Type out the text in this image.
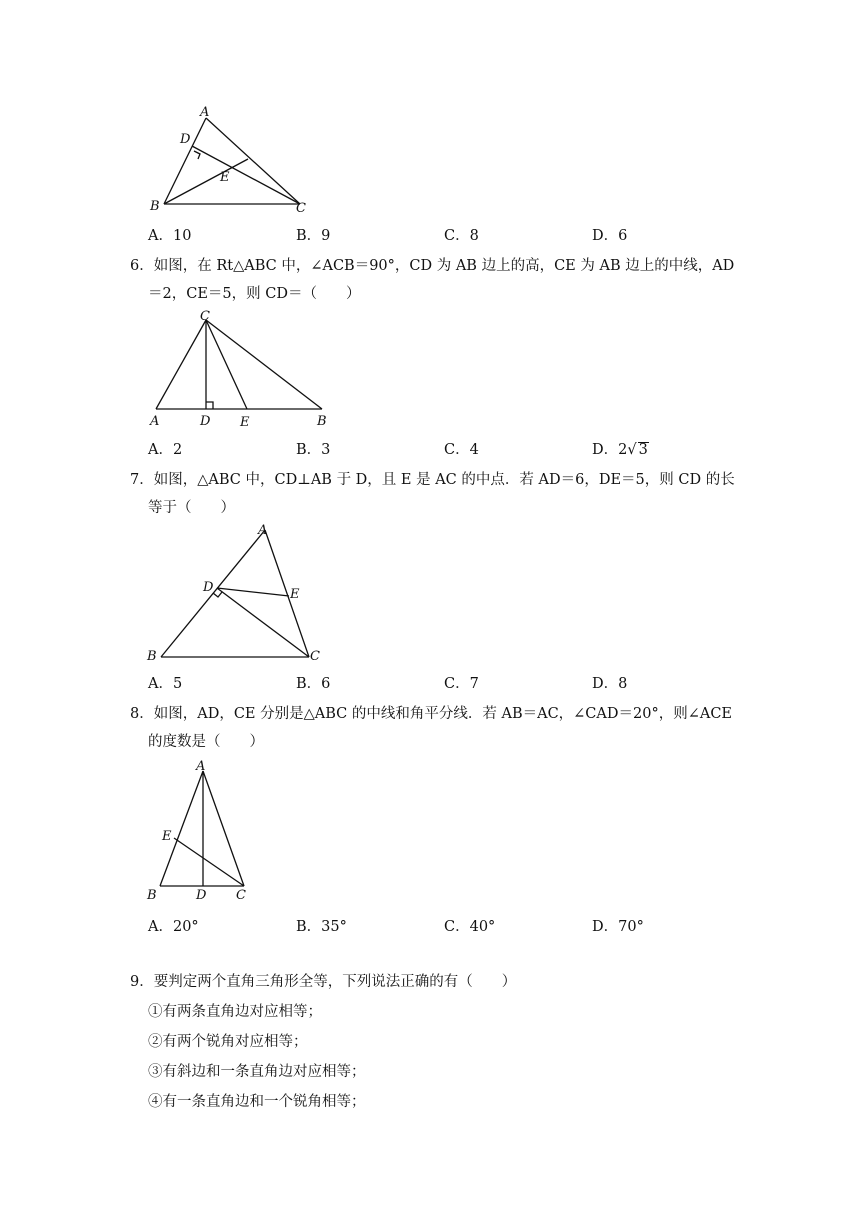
A
D
E
B	C
A．10	B．9	C．8	D．6
6．如图，在 Rt△ABC 中，∠ACB＝90°，CD 为 AB 边上的高，CE 为 AB 边上的中线，AD
＝2，CE＝5，则 CD＝（　　）
C
A	D E	B
A．2	B．3	C．4	D．2√ 3
7．如图，△ABC 中，CD⊥AB 于 D，且 E 是 AC 的中点．若 AD＝6，DE＝5，则 CD 的长
等于（　　）
A
D	E
B	C
A．5	B．6	C．7	D．8
8．如图，AD，CE 分别是△ABC 的中线和角平分线．若 AB＝AC，∠CAD＝20°，则∠ACE
的度数是（　　）
A
E
B	D C
A．20°	B．35°	C．40°	D．70°
9．要判定两个直角三角形全等，下列说法正确的有（　　）
①有两条直角边对应相等；
②有两个锐角对应相等；
③有斜边和一条直角边对应相等；
④有一条直角边和一个锐角相等；
